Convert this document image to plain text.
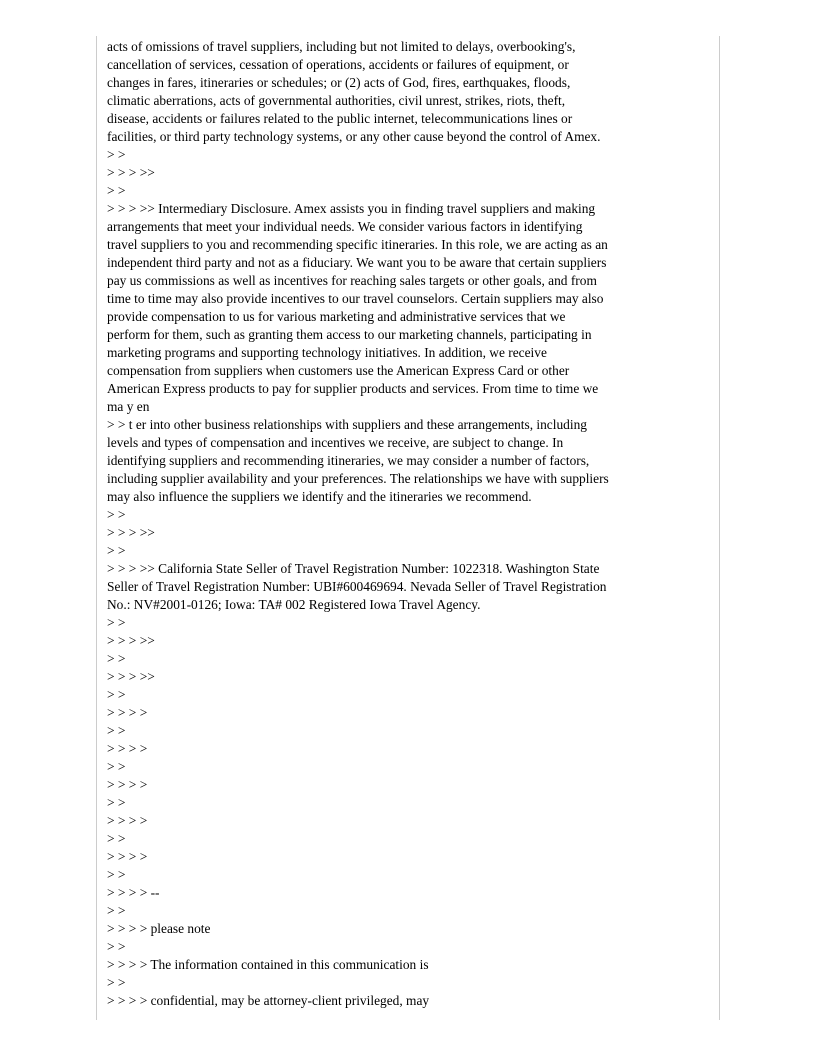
acts of omissions of travel suppliers, including but not limited to delays, overbooking's,
cancellation of services, cessation of operations, accidents or failures of equipment, or
changes in fares, itineraries or schedules; or (2) acts of God, fires, earthquakes, floods,
climatic aberrations, acts of governmental authorities, civil unrest, strikes, riots, theft,
disease, accidents or failures related to the public internet, telecommunications lines or
facilities, or third party technology systems, or any other cause beyond the control of Amex.
> >
> > > >>
> >
> > > >> Intermediary Disclosure. Amex assists you in finding travel suppliers and making
arrangements that meet your individual needs. We consider various factors in identifying
travel suppliers to you and recommending specific itineraries. In this role, we are acting as an
independent third party and not as a fiduciary. We want you to be aware that certain suppliers
pay us commissions as well as incentives for reaching sales targets or other goals, and from
time to time may also provide incentives to our travel counselors. Certain suppliers may also
provide compensation to us for various marketing and administrative services that we
perform for them, such as granting them access to our marketing channels, participating in
marketing programs and supporting technology initiatives. In addition, we receive
compensation from suppliers when customers use the American Express Card or other
American Express products to pay for supplier products and services. From time to time we
ma y en
> > t er into other business relationships with suppliers and these arrangements, including
levels and types of compensation and incentives we receive, are subject to change. In
identifying suppliers and recommending itineraries, we may consider a number of factors,
including supplier availability and your preferences. The relationships we have with suppliers
may also influence the suppliers we identify and the itineraries we recommend.
> >
> > > >>
> >
> > > >> California State Seller of Travel Registration Number: 1022318. Washington State
Seller of Travel Registration Number: UBI#600469694. Nevada Seller of Travel Registration
No.: NV#2001-0126; Iowa: TA# 002 Registered Iowa Travel Agency.
> >
> > > >>
> >
> > > >>
> >
> > > >
> >
> > > >
> >
> > > >
> >
> > > >
> >
> > > >
> >
> > > > --
> >
> > > > please note
> >
> > > > The information contained in this communication is
> >
> > > > confidential, may be attorney-client privileged, may
